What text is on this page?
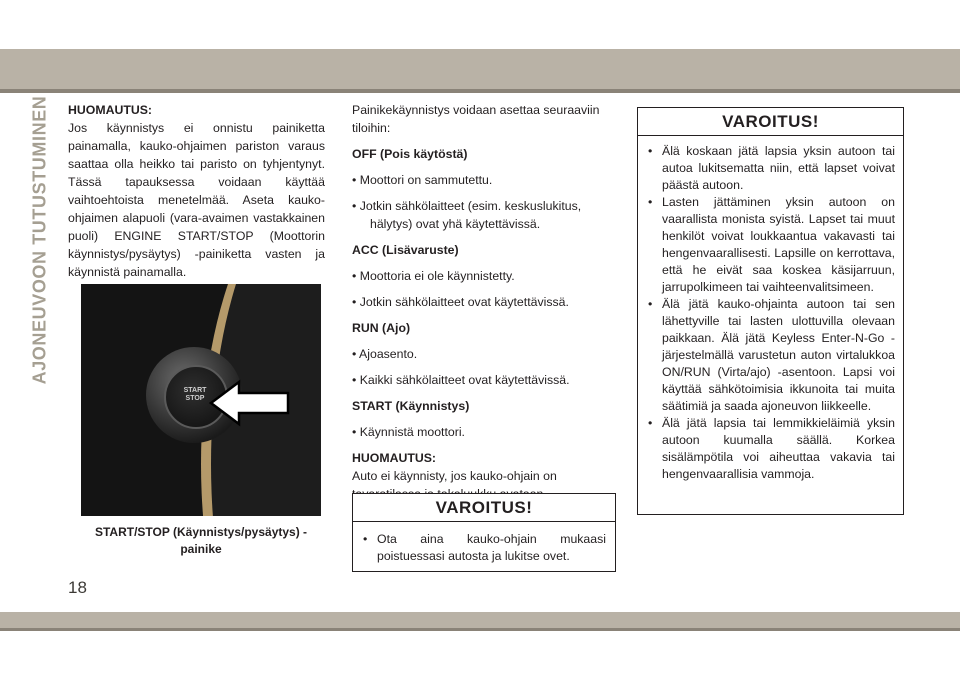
AJONEUVOON TUTUSTUMINEN HUOMAUTUS:

Jos käynnistys ei onnistu painiketta painamalla, kauko-ohjaimen pariston varaus saattaa olla heikko tai paristo on tyhjentynyt. Tässä tapauksessa voidaan käyttää vaihtoehtoista menetelmää. Aseta kauko-ohjaimen alapuoli (vara-avaimen vastakkainen puoli) ENGINE START/STOP (Moottorin käynnistys/pysäytys) -painiketta vasten ja käynnistä painamalla.

START
STOP
START/STOP (Käynnistys/pysäytys) -painike

Painikekäynnistys voidaan asettaa seuraaviin tiloihin:

OFF (Pois käytöstä)

• Moottori on sammutettu.

• Jotkin sähkölaitteet (esim. keskuslukitus, hälytys) ovat yhä käytettävissä.

ACC (Lisävaruste)

• Moottoria ei ole käynnistetty.

• Jotkin sähkölaitteet ovat käytettävissä.

RUN (Ajo)

• Ajoasento.

• Kaikki sähkölaitteet ovat käytettävissä.

START (Käynnistys)

• Käynnistä moottori.

HUOMAUTUS:

Auto ei käynnisty, jos kauko-ohjain on

VAROITUS!
• Ota aina kauko-ohjain mukaasi poistuessasi autosta ja lukitse ovet.
VAROITUS!
• Älä koskaan jätä lapsia yksin autoon tai autoa lukitsematta niin, että lapset voivat päästä autoon.
• Lasten jättäminen yksin autoon on vaarallista monista syistä. Lapset tai muut henkilöt voivat loukkaantua vakavasti tai hengenvaarallisesti. Lapsille on kerrottava, että he eivät saa koskea käsijarruun, jarrupolkimeen tai vaihteenvalitsimeen.
• Älä jätä kauko-ohjainta autoon tai sen lähettyville tai lasten ulottuvilla olevaan paikkaan. Älä jätä Keyless Enter-N-Go -järjestelmällä varustetun auton virtalukkoa ON/RUN (Virta/ajo) -asentoon. Lapsi voi käyttää sähkötoimisia ikkunoita tai muita säätimiä ja saada ajoneuvon liikkeelle.
• Älä jätä lapsia tai lemmikkieläimiä yksin autoon kuumalla säällä. Korkea sisälämpötila voi aiheuttaa vakavia tai hengenvaarallisia vammoja.
18
